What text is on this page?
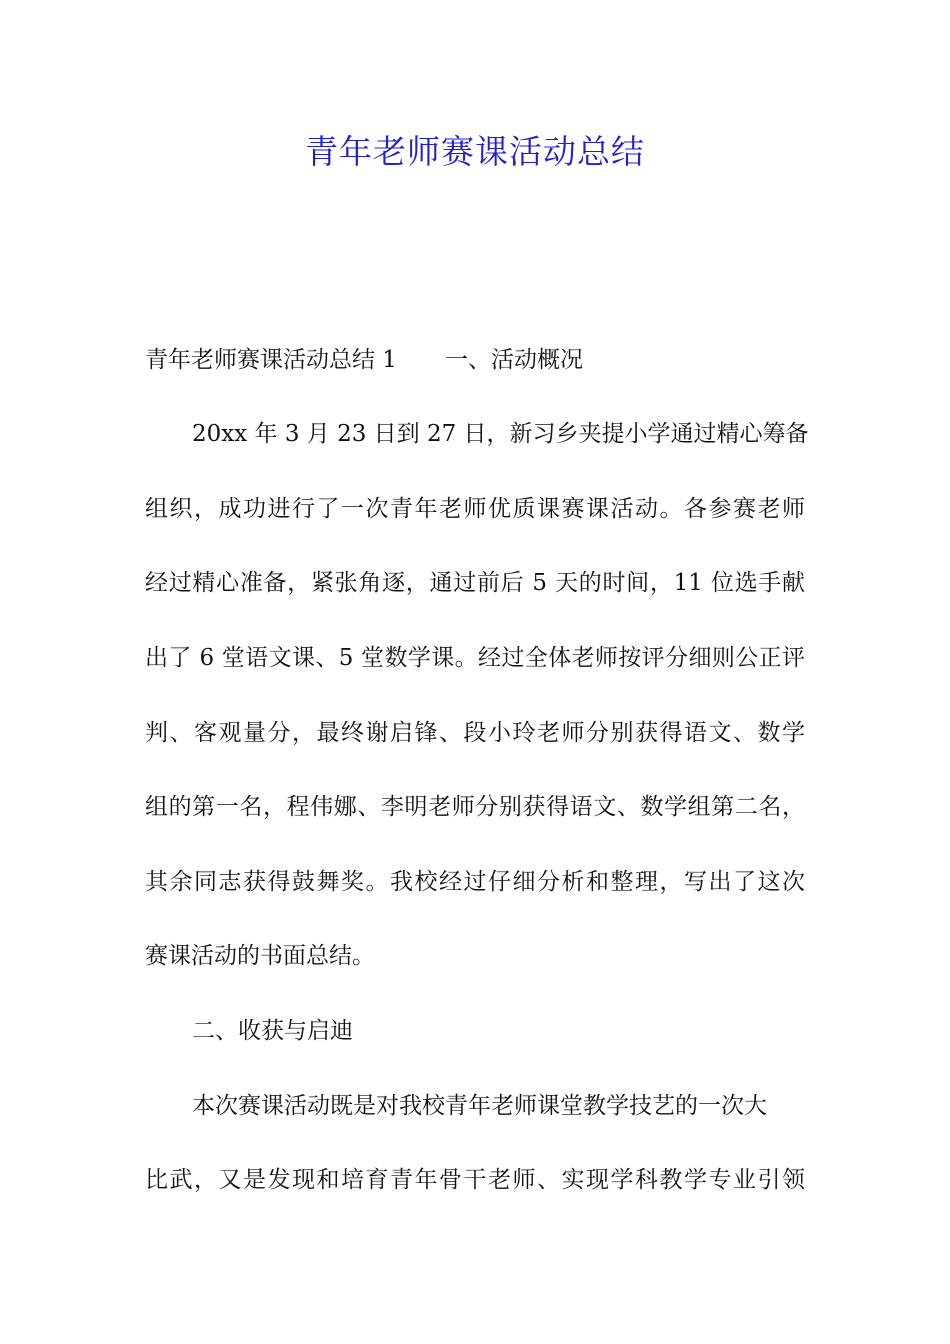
青年老师赛课活动总结

青年老师赛课活动总结 1 一、活动概况

20xx 年 3 月 23 日到 27 日，新习乡夹提小学通过精心筹备

组织，成功进行了一次青年老师优质课赛课活动。各参赛老师

经过精心准备，紧张角逐，通过前后 5 天的时间，11 位选手献

出了 6 堂语文课、5 堂数学课。经过全体老师按评分细则公正评

判、客观量分，最终谢启锋、段小玲老师分别获得语文、数学

组的第一名，程伟娜、李明老师分别获得语文、数学组第二名，

其余同志获得鼓舞奖。我校经过仔细分析和整理，写出了这次

赛课活动的书面总结。

二、收获与启迪

本次赛课活动既是对我校青年老师课堂教学技艺的一次大

比武，又是发现和培育青年骨干老师、实现学科教学专业引领
